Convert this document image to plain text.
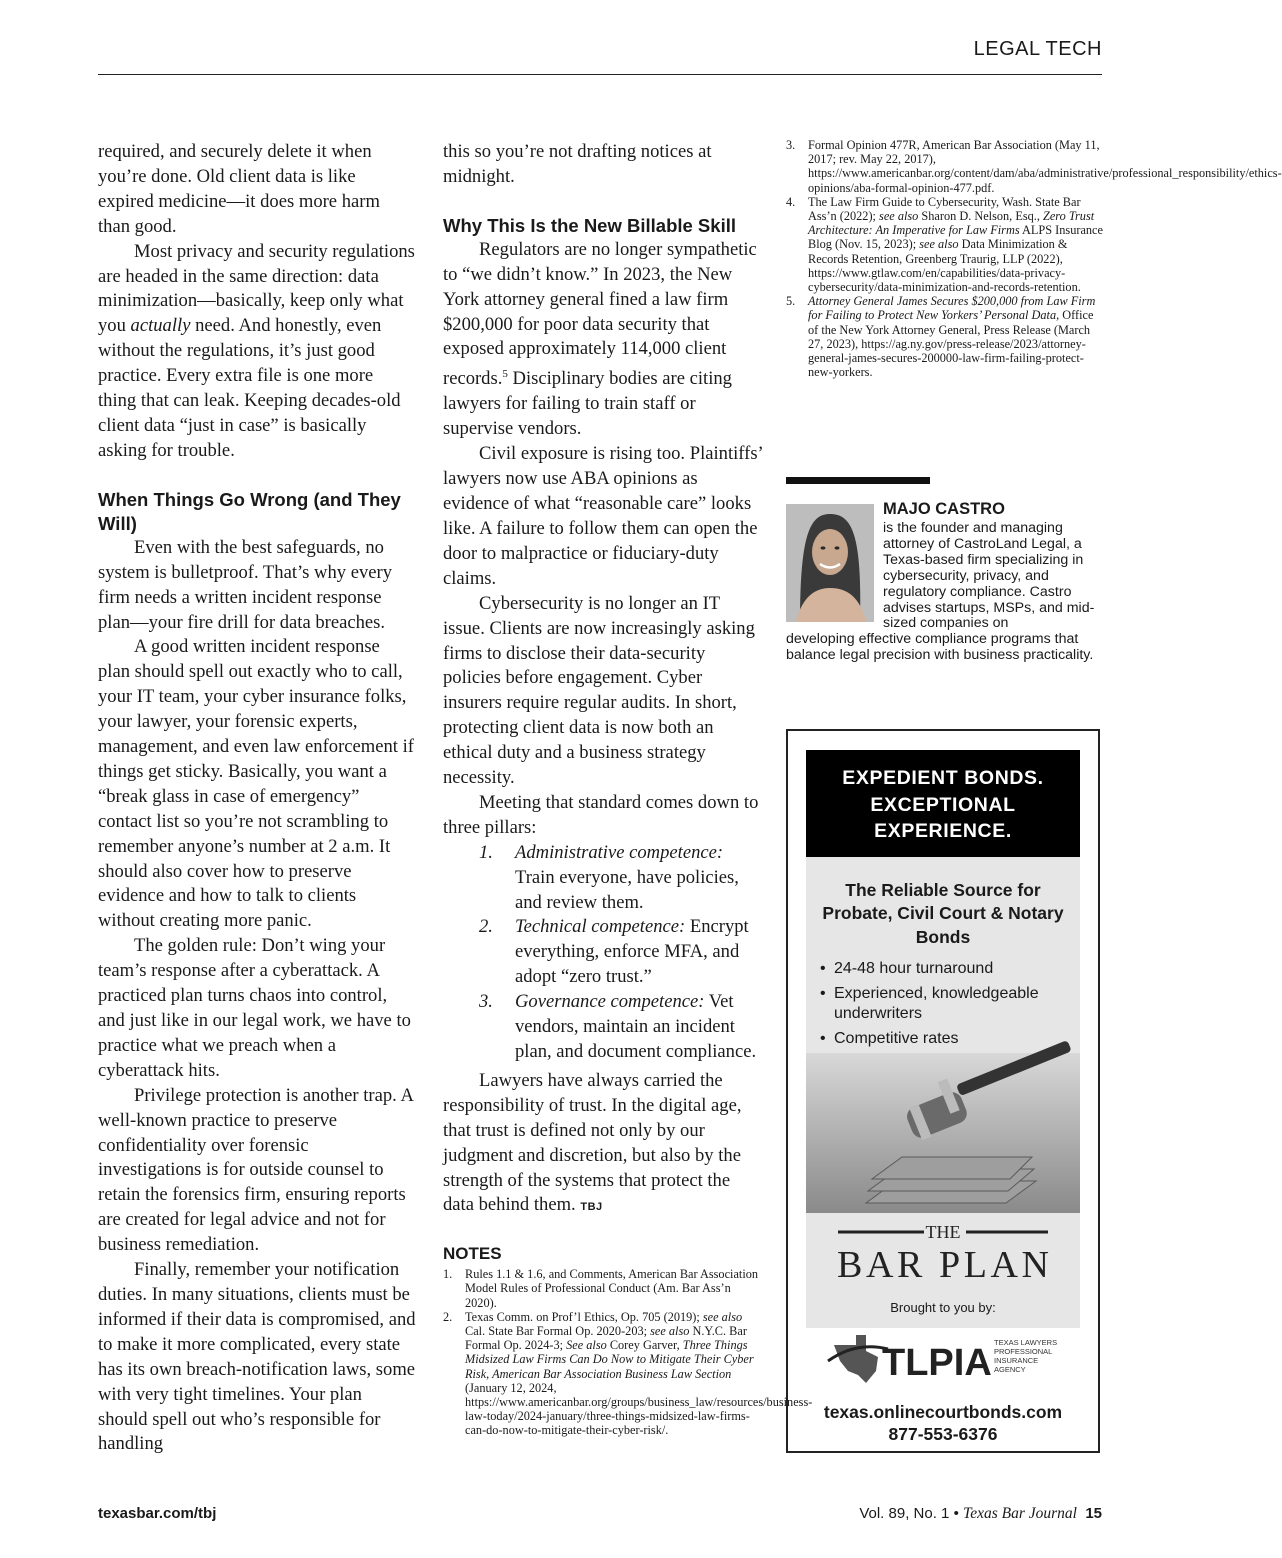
LEGAL TECH

required, and securely delete it when you’re done. Old client data is like expired medicine—it does more harm than good.

Most privacy and security regulations are headed in the same direction: data minimization—basically, keep only what you actually need. And honestly, even without the regulations, it’s just good practice. Every extra file is one more thing that can leak. Keeping decades-old client data “just in case” is basically asking for trouble.

When Things Go Wrong (and They Will)

Even with the best safeguards, no system is bulletproof. That’s why every firm needs a written incident response plan—your fire drill for data breaches.

A good written incident response plan should spell out exactly who to call, your IT team, your cyber insurance folks, your lawyer, your forensic experts, management, and even law enforcement if things get sticky. Basically, you want a “break glass in case of emergency” contact list so you’re not scrambling to remember anyone’s number at 2 a.m. It should also cover how to preserve evidence and how to talk to clients without creating more panic.

The golden rule: Don’t wing your team’s response after a cyberattack. A practiced plan turns chaos into control, and just like in our legal work, we have to practice what we preach when a cyberattack hits.

Privilege protection is another trap. A well-known practice to preserve confidentiality over forensic investigations is for outside counsel to retain the forensics firm, ensuring reports are created for legal advice and not for business remediation.

Finally, remember your notification duties. In many situations, clients must be informed if their data is compromised, and to make it more complicated, every state has its own breach-notification laws, some with very tight timelines. Your plan should spell out who’s responsible for handling

this so you’re not drafting notices at midnight.

Why This Is the New Billable Skill

Regulators are no longer sympathetic to “we didn’t know.” In 2023, the New York attorney general fined a law firm $200,000 for poor data security that exposed approximately 114,000 client records.$^5$ Disciplinary bodies are citing lawyers for failing to train staff or supervise vendors.

Civil exposure is rising too. Plaintiffs’ lawyers now use ABA opinions as evidence of what “reasonable care” looks like. A failure to follow them can open the door to malpractice or fiduciary-duty claims.

Cybersecurity is no longer an IT issue. Clients are now increasingly asking firms to disclose their data-security policies before engagement. Cyber insurers require regular audits. In short, protecting client data is now both an ethical duty and a business strategy necessity.

Meeting that standard comes down to three pillars:

1. Administrative competence: Train everyone, have policies, and review them.
2. Technical competence: Encrypt everything, enforce MFA, and adopt “zero trust.”
3. Governance competence: Vet vendors, maintain an incident plan, and document compliance.

Lawyers have always carried the responsibility of trust. In the digital age, that trust is defined not only by our judgment and discretion, but also by the strength of the systems that protect the data behind them. TBJ

NOTES
1. Rules 1.1 & 1.6, and Comments, American Bar Association Model Rules of Professional Conduct (Am. Bar Ass’n 2020).
2. Texas Comm. on Prof’l Ethics, Op. 705 (2019); see also Cal. State Bar Formal Op. 2020-203; see also N.Y.C. Bar Formal Op. 2024-3; See also Corey Garver, Three Things Midsized Law Firms Can Do Now to Mitigate Their Cyber Risk, American Bar Association Business Law Section (January 12, 2024, https://www.americanbar.org/groups/business_law/resources/business-law-today/2024-january/three-things-midsized-law-firms-can-do-now-to-mitigate-their-cyber-risk/.
3. Formal Opinion 477R, American Bar Association (May 11, 2017; rev. May 22, 2017), https://www.americanbar.org/content/dam/aba/administrative/professional_responsibility/ethics-opinions/aba-formal-opinion-477.pdf.
4. The Law Firm Guide to Cybersecurity, Wash. State Bar Ass’n (2022); see also Sharon D. Nelson, Esq., Zero Trust Architecture: An Imperative for Law Firms ALPS Insurance Blog (Nov. 15, 2023); see also Data Minimization & Records Retention, Greenberg Traurig, LLP (2022), https://www.gtlaw.com/en/capabilities/data-privacy-cybersecurity/data-minimization-and-records-retention.
5. Attorney General James Secures $200,000 from Law Firm for Failing to Protect New Yorkers’ Personal Data, Office of the New York Attorney General, Press Release (March 27, 2023), https://ag.ny.gov/press-release/2023/attorney-general-james-secures-200000-law-firm-failing-protect-new-yorkers.
MAJO CASTRO
is the founder and managing attorney of CastroLand Legal, a Texas-based firm specializing in cybersecurity, privacy, and regulatory compliance. Castro advises startups, MSPs, and mid-sized companies on
developing effective compliance programs that balance legal precision with business practicality.
EXPEDIENT BONDS. EXCEPTIONAL EXPERIENCE.
The Reliable Source for Probate, Civil Court & Notary Bonds
• 24-48 hour turnaround
• Experienced, knowledgeable underwriters
• Competitive rates
THE
BAR PLAN
Brought to you by:
TLPIA TEXAS LAWYERS
PROFESSIONAL
INSURANCE
AGENCY
texas.onlinecourtbonds.com
877-553-6376
texasbar.com/tbj	Vol. 89, No. 1 • Texas Bar Journal 15
